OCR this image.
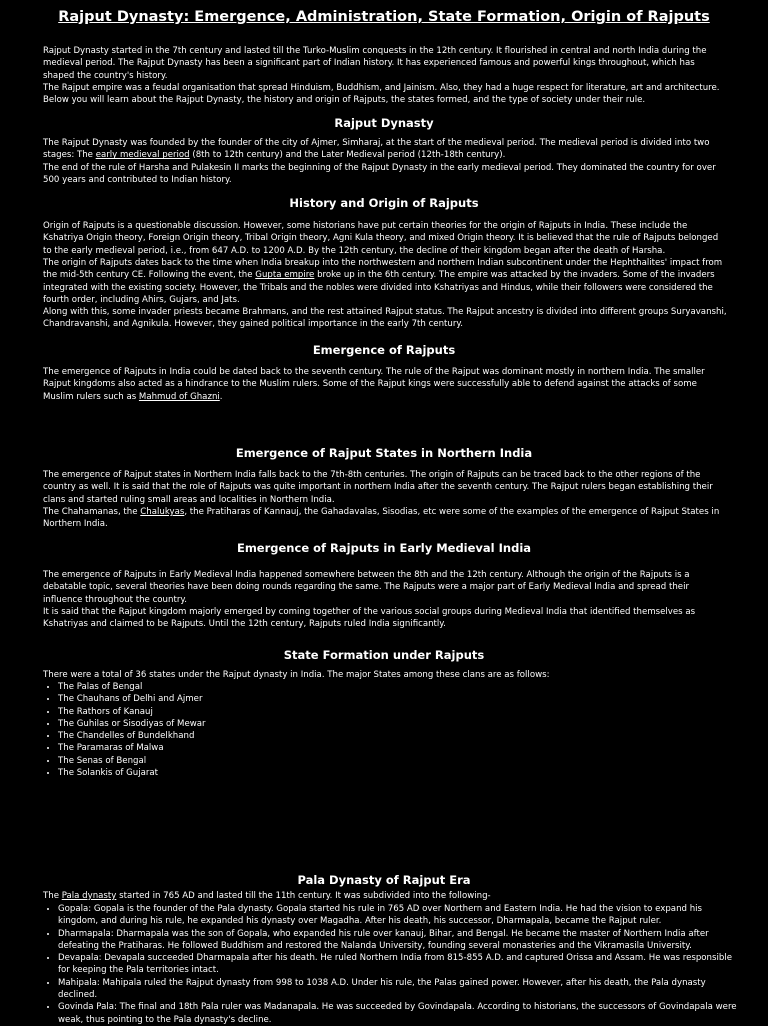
Rajput Dynasty: Emergence, Administration, State Formation, Origin of Rajputs

Rajput Dynasty started in the 7th century and lasted till the Turko-Muslim conquests in the 12th century. It flourished in central and north India during the medieval period. The Rajput Dynasty has been a significant part of Indian history. It has experienced famous and powerful kings throughout, which has shaped the country's history.

The Rajput empire was a feudal organisation that spread Hinduism, Buddhism, and Jainism. Also, they had a huge respect for literature, art and architecture. Below you will learn about the Rajput Dynasty, the history and origin of Rajputs, the states formed, and the type of society under their rule.

Rajput Dynasty

The Rajput Dynasty was founded by the founder of the city of Ajmer, Simharaj, at the start of the medieval period. The medieval period is divided into two stages: The early medieval period (8th to 12th century) and the Later Medieval period (12th-18th century).

The end of the rule of Harsha and Pulakesin II marks the beginning of the Rajput Dynasty in the early medieval period. They dominated the country for over 500 years and contributed to Indian history.

History and Origin of Rajputs

Origin of Rajputs is a questionable discussion. However, some historians have put certain theories for the origin of Rajputs in India. These include the Kshatriya Origin theory, Foreign Origin theory, Tribal Origin theory, Agni Kula theory, and mixed Origin theory. It is believed that the rule of Rajputs belonged to the early medieval period, i.e., from 647 A.D. to 1200 A.D. By the 12th century, the decline of their kingdom began after the death of Harsha.

The origin of Rajputs dates back to the time when India breakup into the northwestern and northern Indian subcontinent under the Hephthalites' impact from the mid-5th century CE. Following the event, the Gupta empire broke up in the 6th century. The empire was attacked by the invaders. Some of the invaders integrated with the existing society. However, the Tribals and the nobles were divided into Kshatriyas and Hindus, while their followers were considered the fourth order, including Ahirs, Gujars, and Jats.

Along with this, some invader priests became Brahmans, and the rest attained Rajput status. The Rajput ancestry is divided into different groups Suryavanshi, Chandravanshi, and Agnikula. However, they gained political importance in the early 7th century.

Emergence of Rajputs

The emergence of Rajputs in India could be dated back to the seventh century. The rule of the Rajput was dominant mostly in northern India. The smaller Rajput kingdoms also acted as a hindrance to the Muslim rulers. Some of the Rajput kings were successfully able to defend against the attacks of some Muslim rulers such as Mahmud of Ghazni.

Emergence of Rajput States in Northern India

The emergence of Rajput states in Northern India falls back to the 7th-8th centuries. The origin of Rajputs can be traced back to the other regions of the country as well. It is said that the role of Rajputs was quite important in northern India after the seventh century. The Rajput rulers began establishing their clans and started ruling small areas and localities in Northern India.

The Chahamanas, the Chalukyas, the Pratiharas of Kannauj, the Gahadavalas, Sisodias, etc were some of the examples of the emergence of Rajput States in Northern India.

Emergence of Rajputs in Early Medieval India

The emergence of Rajputs in Early Medieval India happened somewhere between the 8th and the 12th century. Although the origin of the Rajputs is a debatable topic, several theories have been doing rounds regarding the same. The Rajputs were a major part of Early Medieval India and spread their influence throughout the country.

It is said that the Rajput kingdom majorly emerged by coming together of the various social groups during Medieval India that identified themselves as Kshatriyas and claimed to be Rajputs. Until the 12th century, Rajputs ruled India significantly.

State Formation under Rajputs

There were a total of 36 states under the Rajput dynasty in India. The major States among these clans are as follows:

• The Palas of Bengal
• The Chauhans of Delhi and Ajmer
• The Rathors of Kanauj
• The Guhilas or Sisodiyas of Mewar
• The Chandelles of Bundelkhand
• The Paramaras of Malwa
• The Senas of Bengal
• The Solankis of Gujarat
Pala Dynasty of Rajput Era

The Pala dynasty started in 765 AD and lasted till the 11th century. It was subdivided into the following-

• Gopala: Gopala is the founder of the Pala dynasty. Gopala started his rule in 765 AD over Northern and Eastern India. He had the vision to expand his kingdom, and during his rule, he expanded his dynasty over Magadha. After his death, his successor, Dharmapala, became the Rajput ruler.
• Dharmapala: Dharmapala was the son of Gopala, who expanded his rule over kanauj, Bihar, and Bengal. He became the master of Northern India after defeating the Pratiharas. He followed Buddhism and restored the Nalanda University, founding several monasteries and the Vikramasila University.
• Devapala: Devapala succeeded Dharmapala after his death. He ruled Northern India from 815-855 A.D. and captured Orissa and Assam. He was responsible for keeping the Pala territories intact.
• Mahipala: Mahipala ruled the Rajput dynasty from 998 to 1038 A.D. Under his rule, the Palas gained power. However, after his death, the Pala dynasty declined.
• Govinda Pala: The final and 18th Pala ruler was Madanapala. He was succeeded by Govindapala. According to historians, the successors of Govindapala were weak, thus pointing to the Pala dynasty's decline.
